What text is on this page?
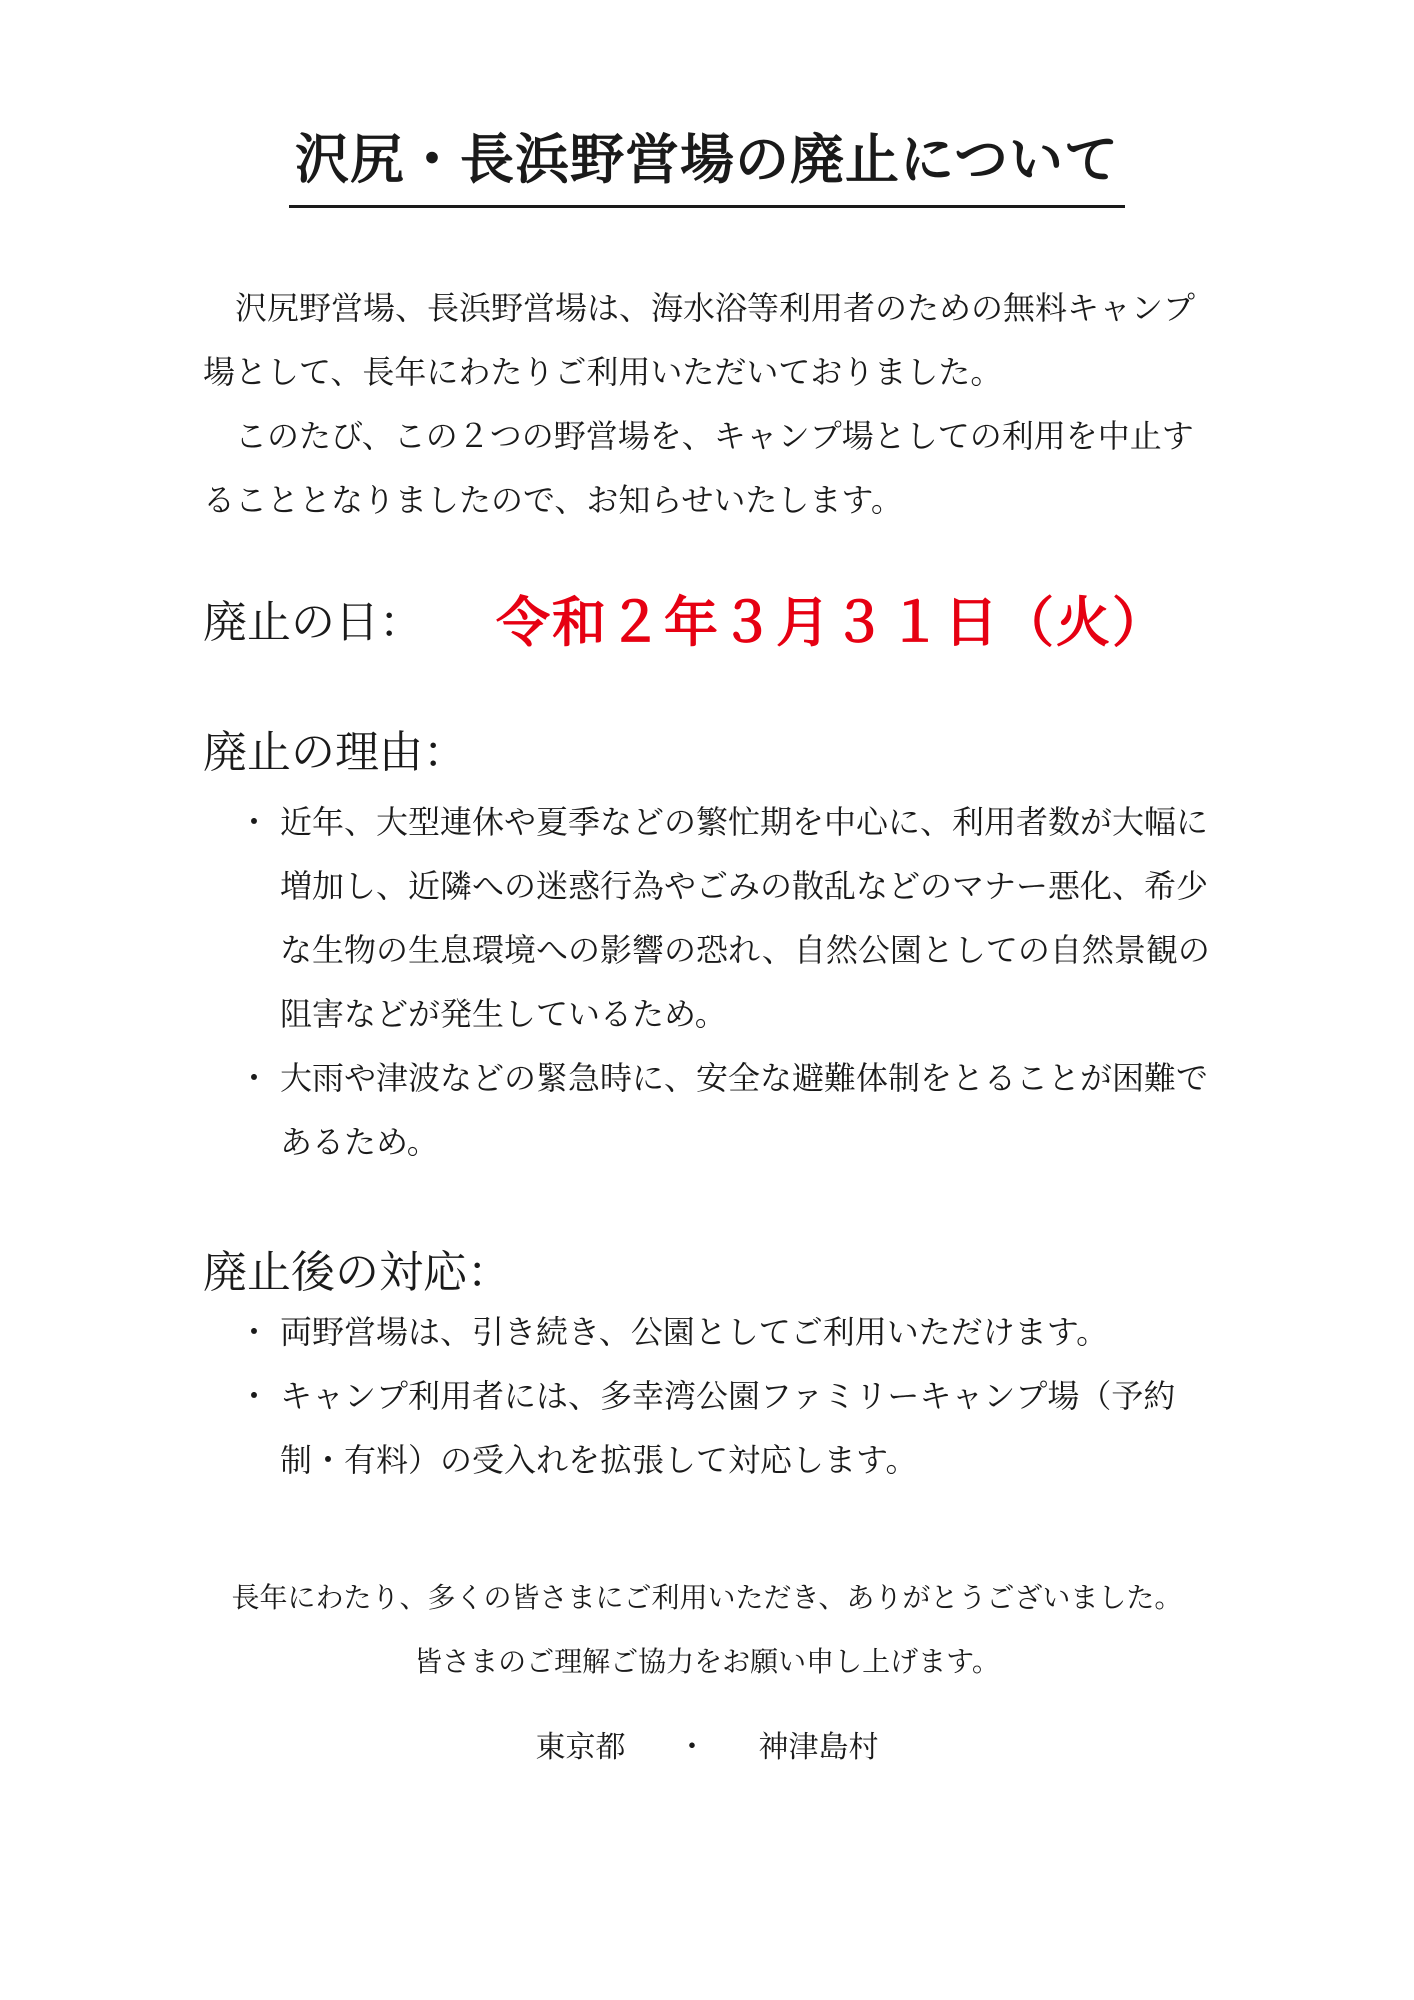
沢尻・長浜野営場の廃止について

沢尻野営場、長浜野営場は、海水浴等利用者のための無料キャンプ場として、長年にわたりご利用いただいておりました。

このたび、この２つの野営場を、キャンプ場としての利用を中止することとなりましたので、お知らせいたします。

廃止の日： 令和２年３月３１日（火）
廃止の理由：
・ 近年、大型連休や夏季などの繁忙期を中心に、利用者数が大幅に増加し、近隣への迷惑行為やごみの散乱などのマナー悪化、希少な生物の生息環境への影響の恐れ、自然公園としての自然景観の阻害などが発生しているため。
・ 大雨や津波などの緊急時に、安全な避難体制をとることが困難であるため。
廃止後の対応：
・ 両野営場は、引き続き、公園としてご利用いただけます。
・ キャンプ利用者には、多幸湾公園ファミリーキャンプ場（予約制・有料）の受入れを拡張して対応します。
長年にわたり、多くの皆さまにご利用いただき、ありがとうございました。
皆さまのご理解ご協力をお願い申し上げます。
東京都 ・ 神津島村
